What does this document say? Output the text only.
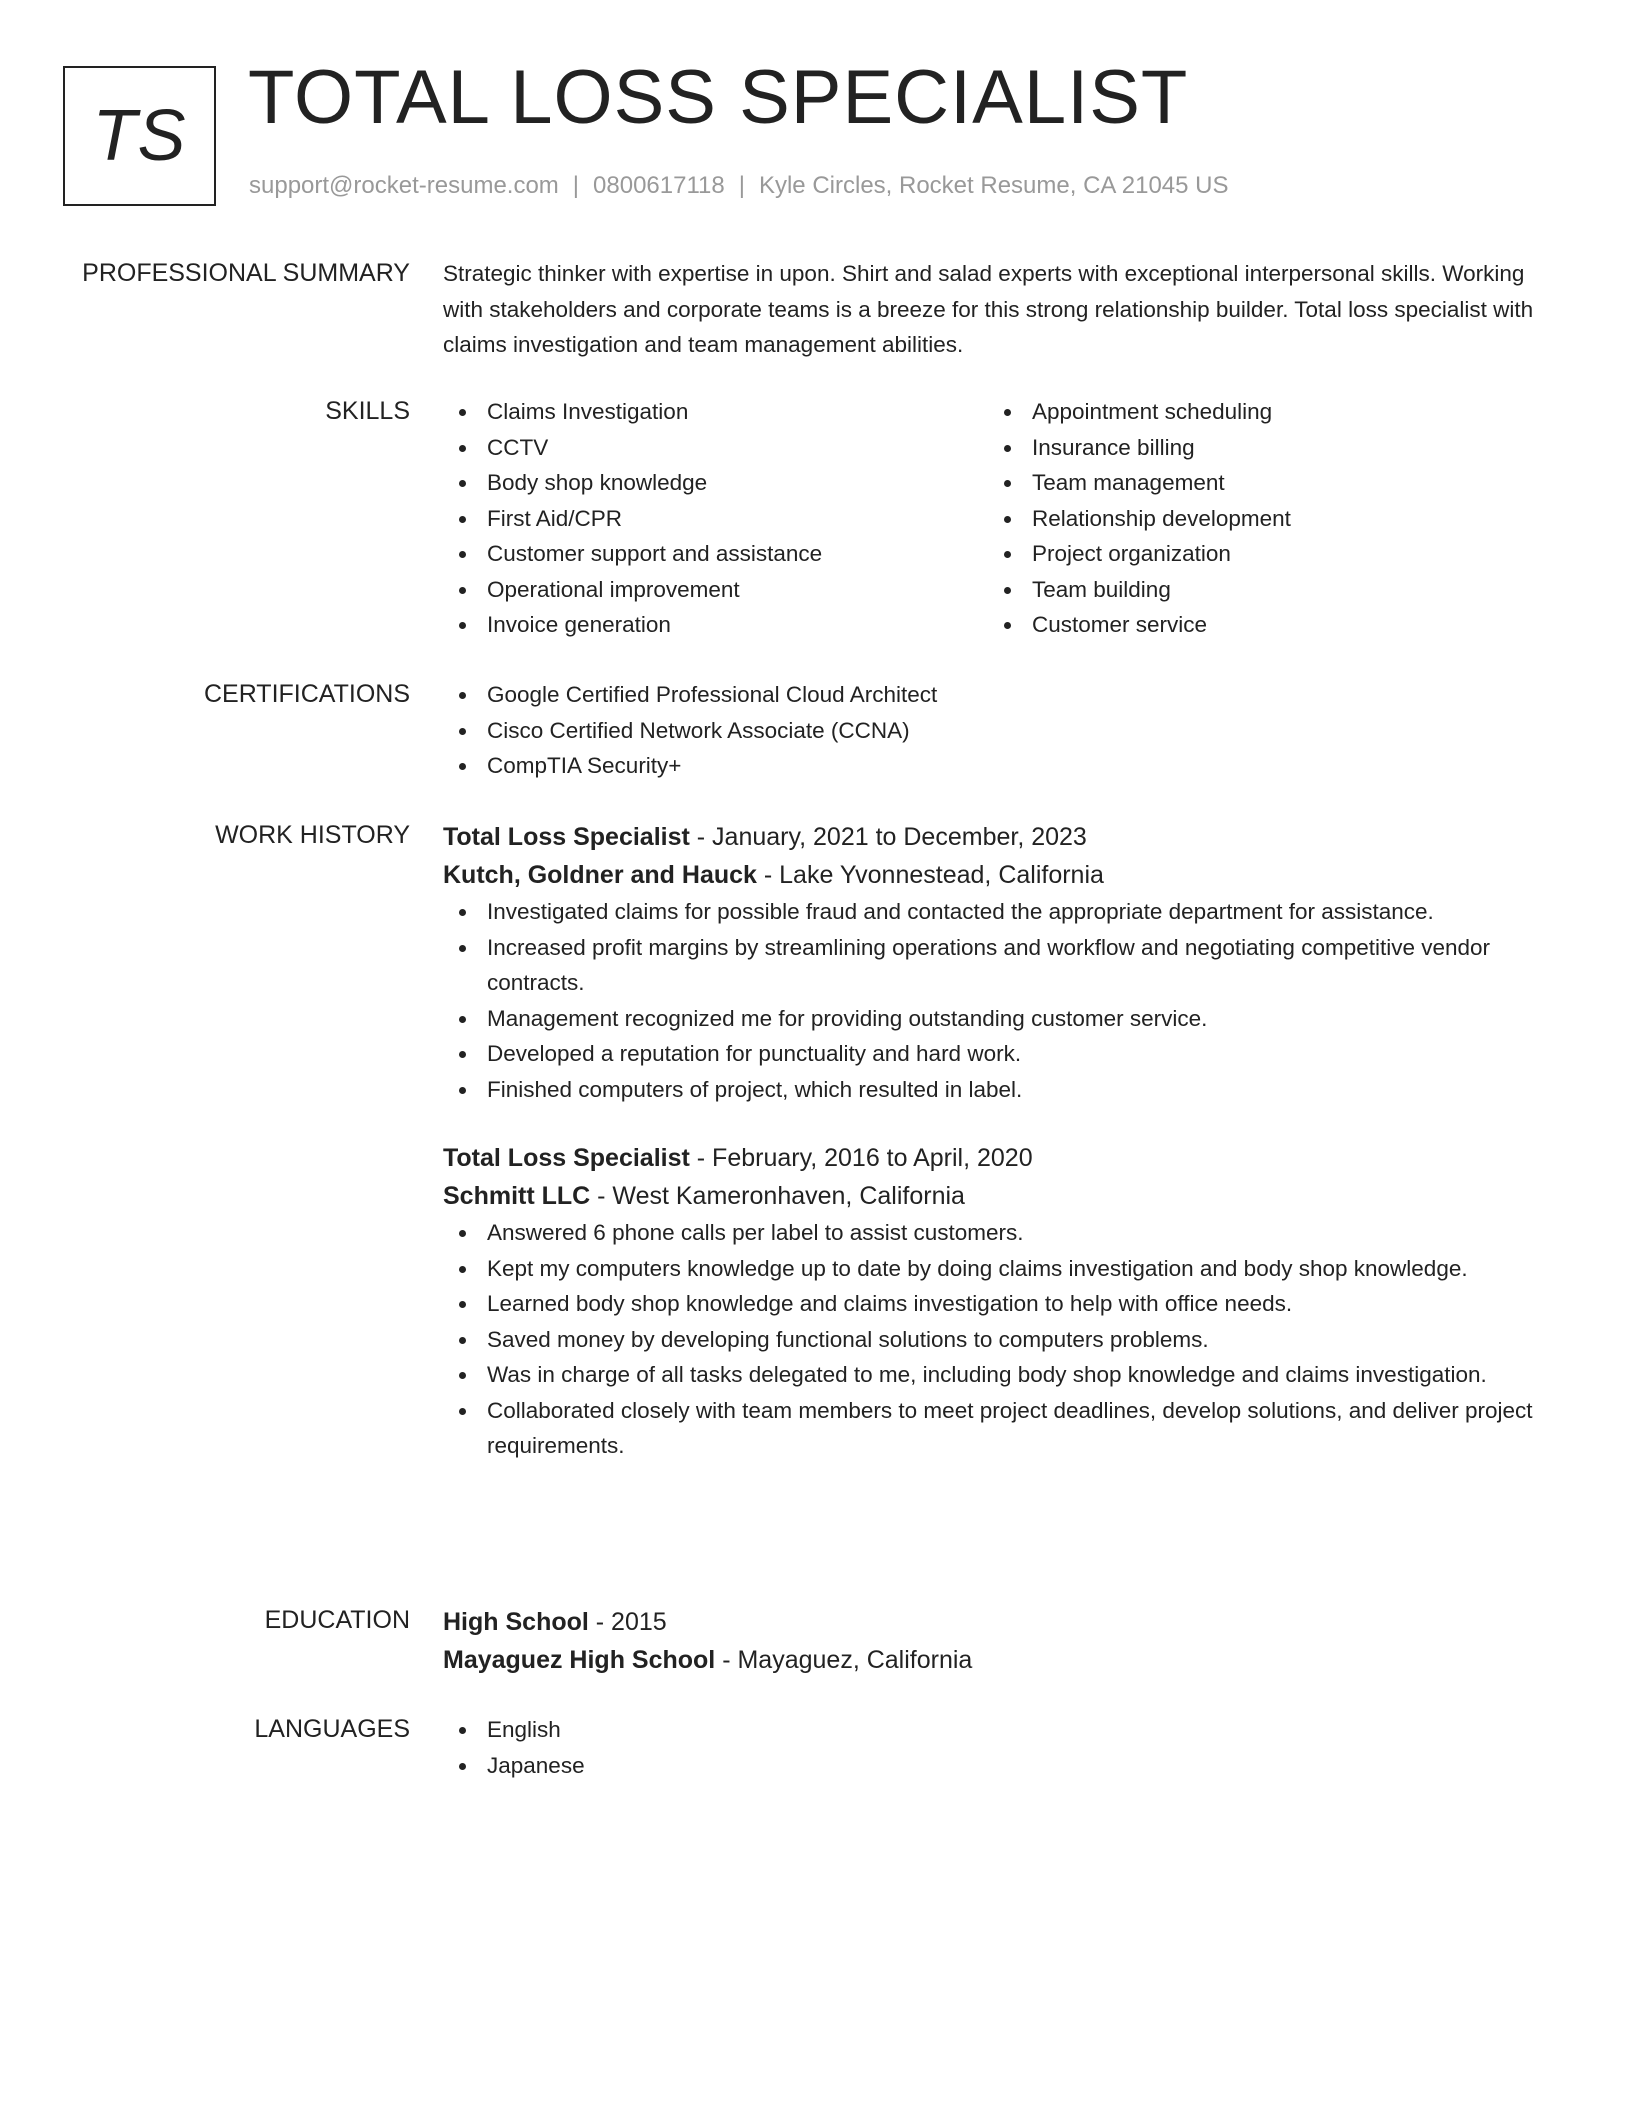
TS TOTAL LOSS SPECIALIST
support@rocket-resume.com | 0800617118 | Kyle Circles, Rocket Resume, CA 21045 US
PROFESSIONAL SUMMARY Strategic thinker with expertise in upon. Shirt and salad experts with exceptional interpersonal skills. Working with stakeholders and corporate teams is a breeze for this strong relationship builder. Total loss specialist with claims investigation and team management abilities.

SKILLS	Claims Investigation
CCTV
Body shop knowledge
First Aid/CPR
Customer support and assistance
Operational improvement
Invoice generation
Appointment scheduling
Insurance billing
Team management
Relationship development
Project organization
Team building
Customer service
CERTIFICATIONS	Google Certified Professional Cloud Architect
Cisco Certified Network Associate (CCNA)
CompTIA Security+
WORK HISTORY Total Loss Specialist - January, 2021 to December, 2023
Kutch, Goldner and Hauck - Lake Yvonnestead, California
Investigated claims for possible fraud and contacted the appropriate department for assistance.
Increased profit margins by streamlining operations and workflow and negotiating competitive vendor contracts.
Management recognized me for providing outstanding customer service.
Developed a reputation for punctuality and hard work.
Finished computers of project, which resulted in label.
Total Loss Specialist - February, 2016 to April, 2020
Schmitt LLC - West Kameronhaven, California
Answered 6 phone calls per label to assist customers.
Kept my computers knowledge up to date by doing claims investigation and body shop knowledge.
Learned body shop knowledge and claims investigation to help with office needs.
Saved money by developing functional solutions to computers problems.
Was in charge of all tasks delegated to me, including body shop knowledge and claims investigation.
Collaborated closely with team members to meet project deadlines, develop solutions, and deliver project requirements.
EDUCATION High School - 2015
Mayaguez High School - Mayaguez, California
LANGUAGES	English
Japanese
